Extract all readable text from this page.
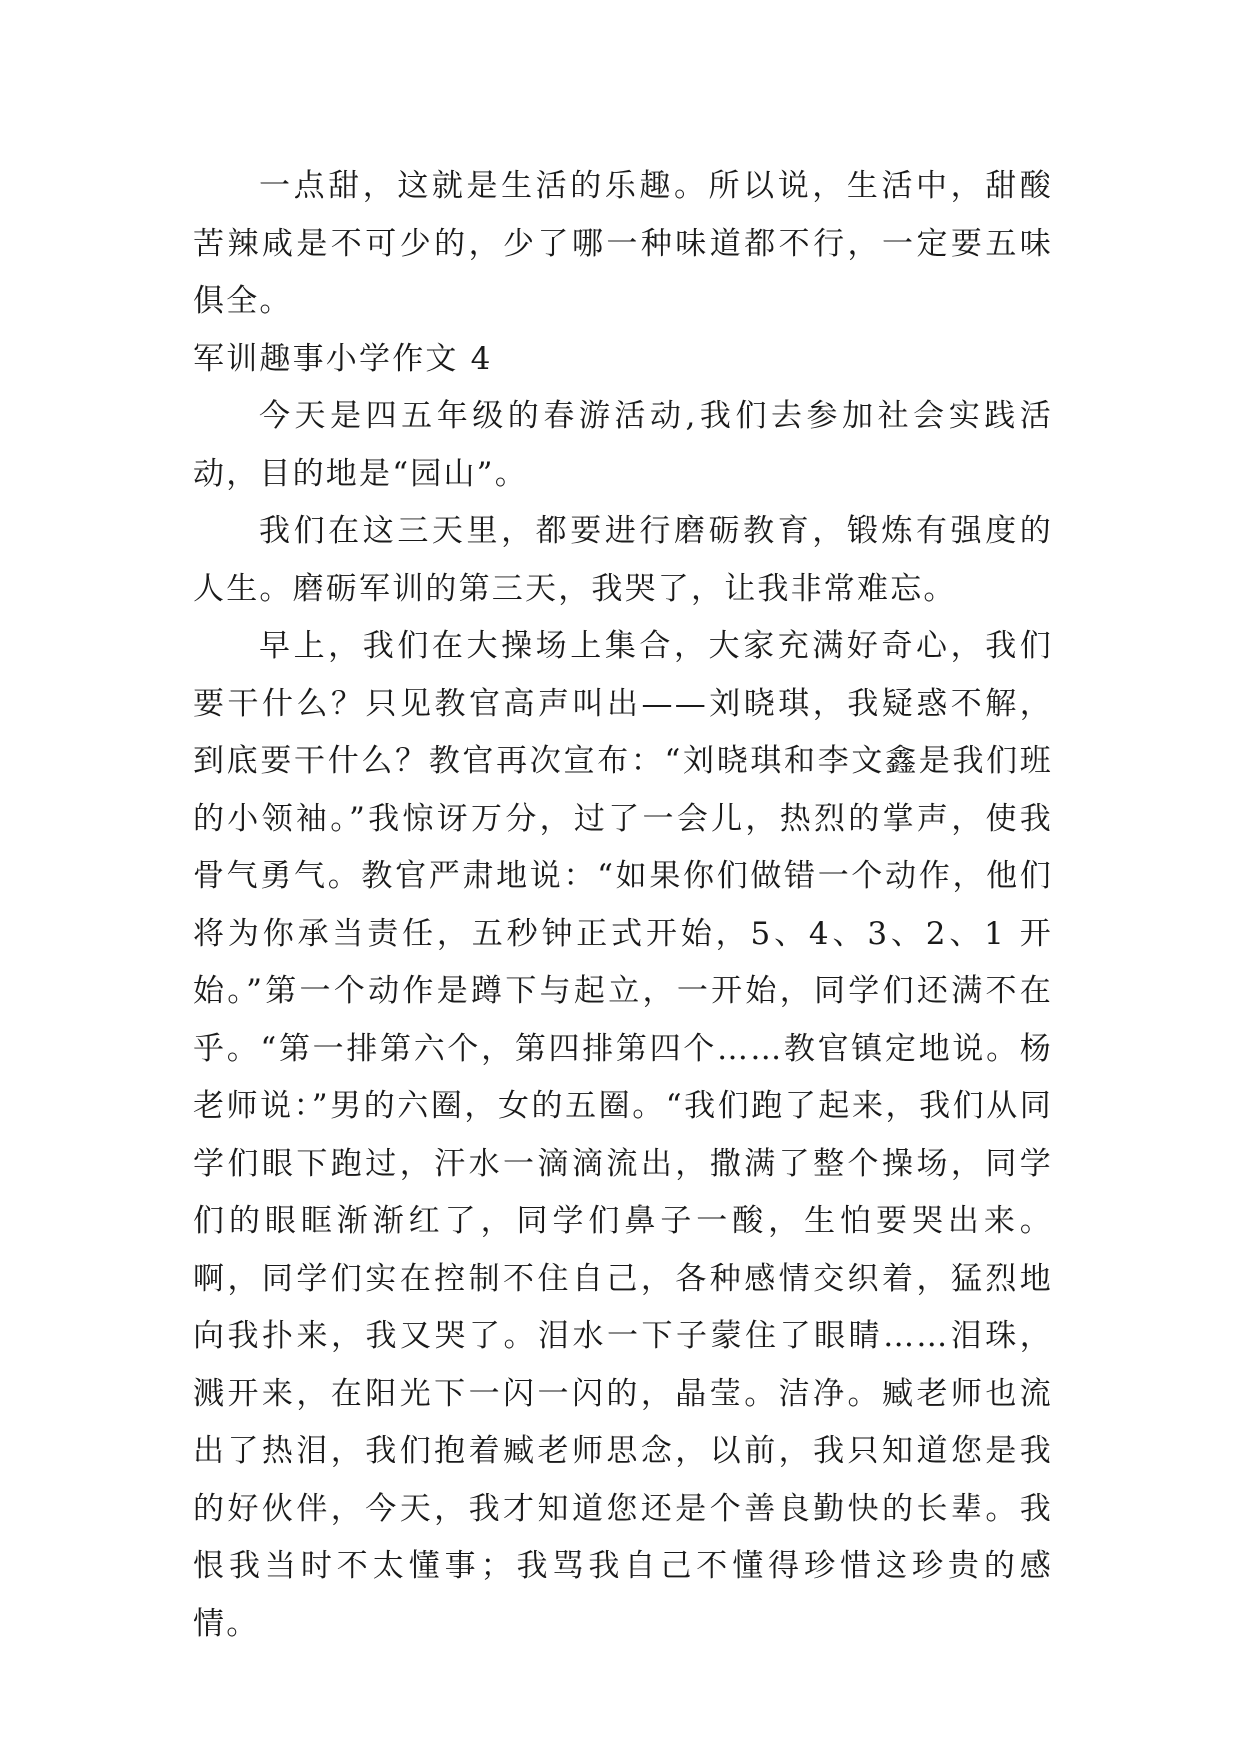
一点甜，这就是生活的乐趣。所以说，生活中，甜酸苦辣咸是不可少的，少了哪一种味道都不行，一定要五味俱全。

军训趣事小学作文 4

今天是四五年级的春游活动,我们去参加社会实践活动，目的地是“园山”。

我们在这三天里，都要进行磨砺教育，锻炼有强度的人生。磨砺军训的第三天，我哭了，让我非常难忘。

早上，我们在大操场上集合，大家充满好奇心，我们要干什么？只见教官高声叫出——刘晓琪，我疑惑不解，到底要干什么？教官再次宣布：“刘晓琪和李文鑫是我们班的小领袖。”我惊讶万分，过了一会儿，热烈的掌声，使我骨气勇气。教官严肃地说：“如果你们做错一个动作，他们将为你承当责任，五秒钟正式开始，5、4、3、2、1 开始。”第一个动作是蹲下与起立，一开始，同学们还满不在乎。“第一排第六个，第四排第四个……教官镇定地说。杨老师说：”男的六圈，女的五圈。“我们跑了起来，我们从同学们眼下跑过，汗水一滴滴流出，撒满了整个操场，同学们的眼眶渐渐红了，同学们鼻子一酸，生怕要哭出来。啊，同学们实在控制不住自己，各种感情交织着，猛烈地向我扑来，我又哭了。泪水一下子蒙住了眼睛……泪珠，溅开来，在阳光下一闪一闪的，晶莹。洁净。臧老师也流出了热泪，我们抱着臧老师思念，以前，我只知道您是我的好伙伴，今天，我才知道您还是个善良勤快的长辈。我恨我当时不太懂事；我骂我自己不懂得珍惜这珍贵的感情。
